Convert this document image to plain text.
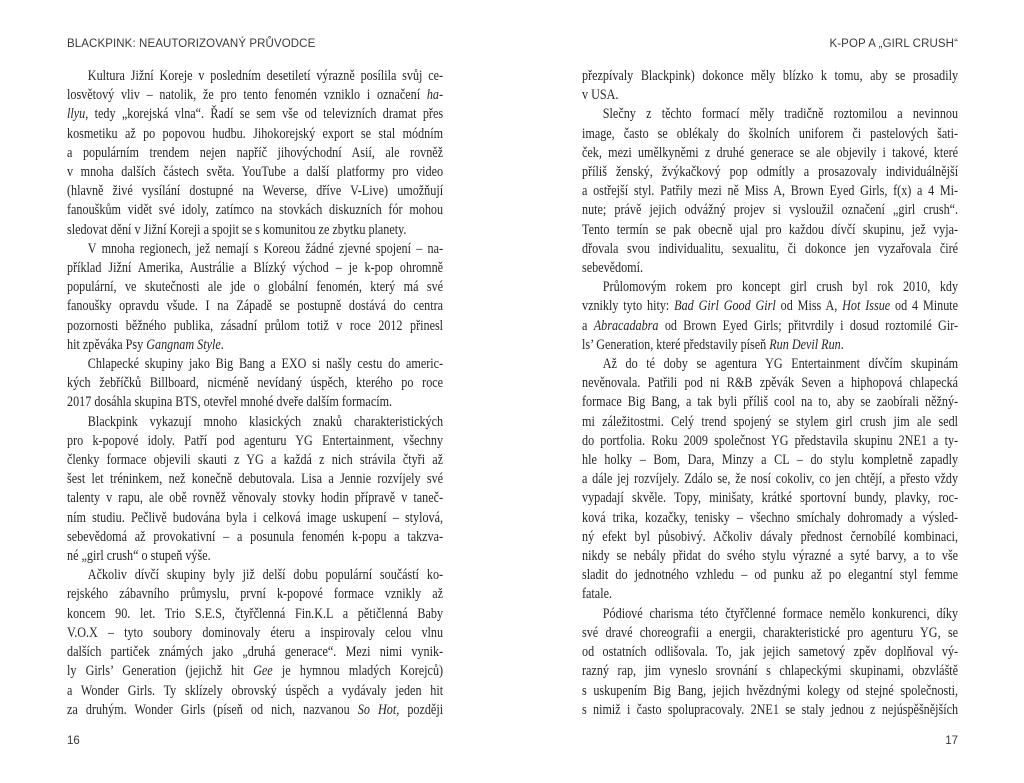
BLACKPINK: NEAUTORIZOVANÝ PRŮVODCE
Kultura Jižní Koreje v posledním desetiletí výrazně posílila svůj ce-
losvětový vliv – natolik, že pro tento fenomén vzniklo i označení ha-
llyu, tedy „korejská vlna“. Řadí se sem vše od televizních dramat přes
kosmetiku až po popovou hudbu. Jihokorejský export se stal módním
a populárním trendem nejen napříč jihovýchodní Asií, ale rovněž
v mnoha dalších částech světa. YouTube a další platformy pro video
(hlavně živé vysílání dostupné na Weverse, dříve V-Live) umožňují
fanouškům vidět své idoly, zatímco na stovkách diskuzních fór mohou
sledovat dění v Jižní Koreji a spojit se s komunitou ze zbytku planety.
V mnoha regionech, jež nemají s Koreou žádné zjevné spojení – na-
příklad Jižní Amerika, Austrálie a Blízký východ – je k-pop ohromně
populární, ve skutečnosti ale jde o globální fenomén, který má své
fanoušky opravdu všude. I na Západě se postupně dostává do centra
pozornosti běžného publika, zásadní průlom totiž v roce 2012 přinesl
hit zpěváka Psy Gangnam Style.
Chlapecké skupiny jako Big Bang a EXO si našly cestu do americ-
kých žebříčků Billboard, nicméně nevídaný úspěch, kterého po roce
2017 dosáhla skupina BTS, otevřel mnohé dveře dalším formacím.
Blackpink vykazují mnoho klasických znaků charakteristických
pro k-popové idoly. Patří pod agenturu YG Entertainment, všechny
členky formace objevili skauti z YG a každá z nich strávila čtyři až
šest let tréninkem, než konečně debutovala. Lisa a Jennie rozvíjely své
talenty v rapu, ale obě rovněž věnovaly stovky hodin přípravě v taneč-
ním studiu. Pečlivě budována byla i celková image uskupení – stylová,
sebevědomá až provokativní – a posunula fenomén k-popu a takzva-
né „girl crush“ o stupeň výše.
Ačkoliv dívčí skupiny byly již delší dobu populární součástí ko-
rejského zábavního průmyslu, první k-popové formace vznikly až
koncem 90. let. Trio S.E.S, čtyřčlenná Fin.K.L a pětičlenná Baby
V.O.X – tyto soubory dominovaly éteru a inspirovaly celou vlnu
dalších partiček známých jako „druhá generace“. Mezi nimi vynik-
ly Girls’ Generation (jejichž hit Gee je hymnou mladých Korejců)
a Wonder Girls. Ty sklízely obrovský úspěch a vydávaly jeden hit
za druhým. Wonder Girls (píseň od nich, nazvanou So Hot, později
16
K-POP A „GIRL CRUSH“
přezpívaly Blackpink) dokonce měly blízko k tomu, aby se prosadily
v USA.
Slečny z těchto formací měly tradičně roztomilou a nevinnou
image, často se oblékaly do školních uniforem či pastelových šati-
ček, mezi umělkyněmi z druhé generace se ale objevily i takové, které
příliš ženský, žvýkačkový pop odmítly a prosazovaly individuálnější
a ostřejší styl. Patřily mezi ně Miss A, Brown Eyed Girls, f(x) a 4 Mi-
nute; právě jejich odvážný projev si vysloužil označení „girl crush“.
Tento termín se pak obecně ujal pro každou dívčí skupinu, jež vyja-
dřovala svou individualitu, sexualitu, či dokonce jen vyzařovala čiré
sebevědomí.
Průlomovým rokem pro koncept girl crush byl rok 2010, kdy
vznikly tyto hity: Bad Girl Good Girl od Miss A, Hot Issue od 4 Minute
a Abracadabra od Brown Eyed Girls; přitvrdily i dosud roztomilé Gir-
ls’ Generation, které představily píseň Run Devil Run.
Až do té doby se agentura YG Entertainment dívčím skupinám
nevěnovala. Patřili pod ni R&B zpěvák Seven a hiphopová chlapecká
formace Big Bang, a tak byli příliš cool na to, aby se zaobírali něžný-
mi záležitostmi. Celý trend spojený se stylem girl crush jim ale sedl
do portfolia. Roku 2009 společnost YG představila skupinu 2NE1 a ty-
hle holky – Bom, Dara, Minzy a CL – do stylu kompletně zapadly
a dále jej rozvíjely. Zdálo se, že nosí cokoliv, co jen chtějí, a přesto vždy
vypadají skvěle. Topy, minišaty, krátké sportovní bundy, plavky, roc-
ková trika, kozačky, tenisky – všechno smíchaly dohromady a výsled-
ný efekt byl působivý. Ačkoliv dávaly přednost černobílé kombinaci,
nikdy se nebály přidat do svého stylu výrazné a syté barvy, a to vše
sladit do jednotného vzhledu – od punku až po elegantní styl femme
fatale.
Pódiové charisma této čtyřčlenné formace nemělo konkurenci, díky
své dravé choreografii a energii, charakteristické pro agenturu YG, se
od ostatních odlišovala. To, jak jejich sametový zpěv doplňoval vý-
razný rap, jim vyneslo srovnání s chlapeckými skupinami, obzvláště
s uskupením Big Bang, jejich hvězdnými kolegy od stejné společnosti,
s nimiž i často spolupracovaly. 2NE1 se staly jednou z nejúspěšnějších
17
